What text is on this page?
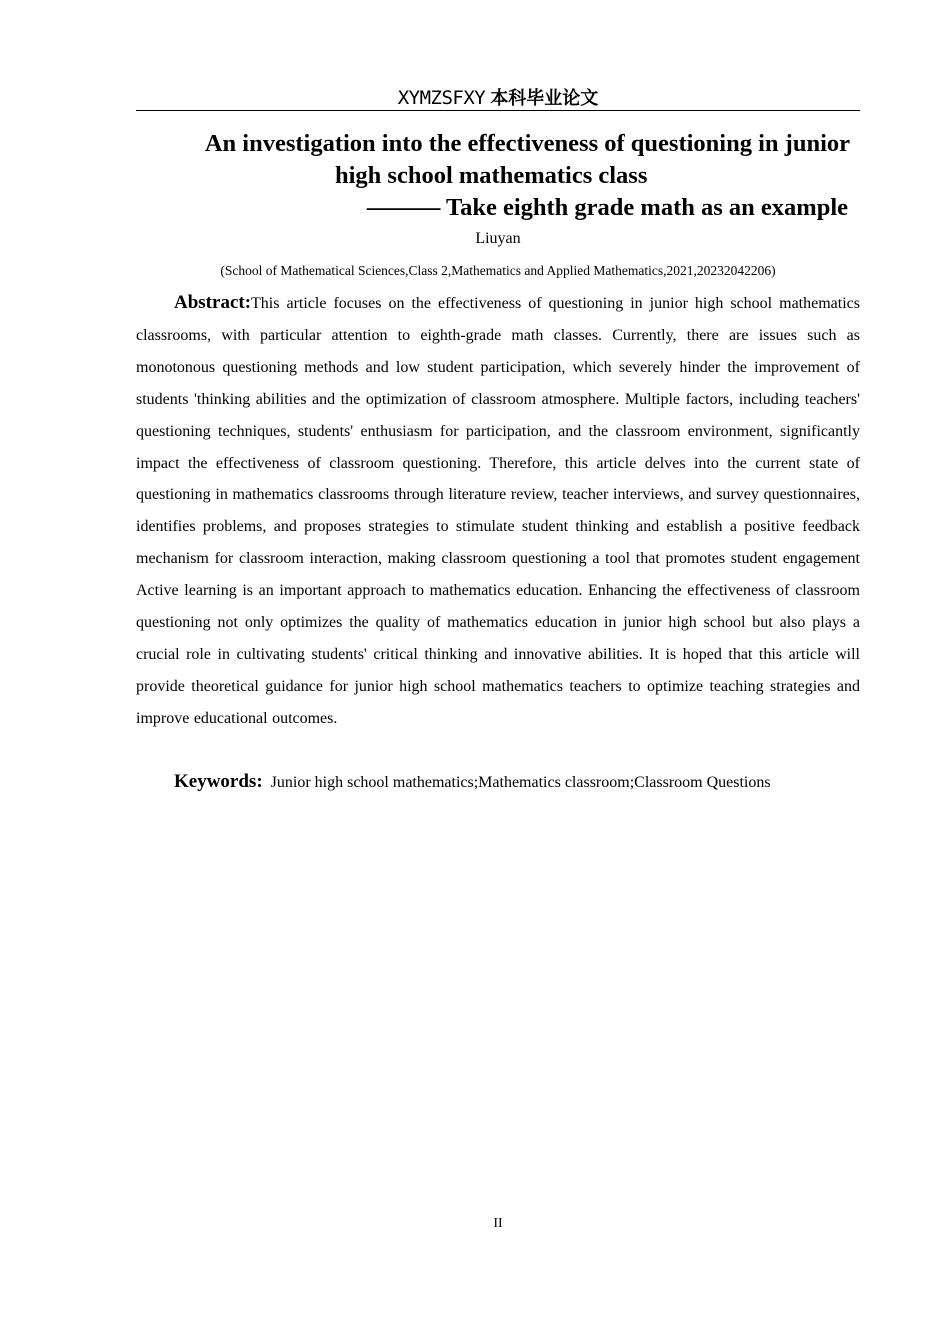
XYMZSFXY 本科毕业论文
An investigation into the effectiveness of questioning in junior
high school mathematics class
——— Take eighth grade math as an example
Liuyan
(School of Mathematical Sciences,Class 2,Mathematics and Applied Mathematics,2021,20232042206)

Abstract:This article focuses on the effectiveness of questioning in junior high school mathematics classrooms, with particular attention to eighth-grade math classes. Currently, there are issues such as monotonous questioning methods and low student participation, which severely hinder the improvement of students 'thinking abilities and the optimization of classroom atmosphere. Multiple factors, including teachers' questioning techniques, students' enthusiasm for participation, and the classroom environment, significantly impact the effectiveness of classroom questioning. Therefore, this article delves into the current state of questioning in mathematics classrooms through literature review, teacher interviews, and survey questionnaires, identifies problems, and proposes strategies to stimulate student thinking and establish a positive feedback mechanism for classroom interaction, making classroom questioning a tool that promotes student engagement Active learning is an important approach to mathematics education. Enhancing the effectiveness of classroom questioning not only optimizes the quality of mathematics education in junior high school but also plays a crucial role in cultivating students' critical thinking and innovative abilities. It is hoped that this article will provide theoretical guidance for junior high school mathematics teachers to optimize teaching strategies and improve educational outcomes.

Keywords: Junior high school mathematics;Mathematics classroom;Classroom Questions

II
